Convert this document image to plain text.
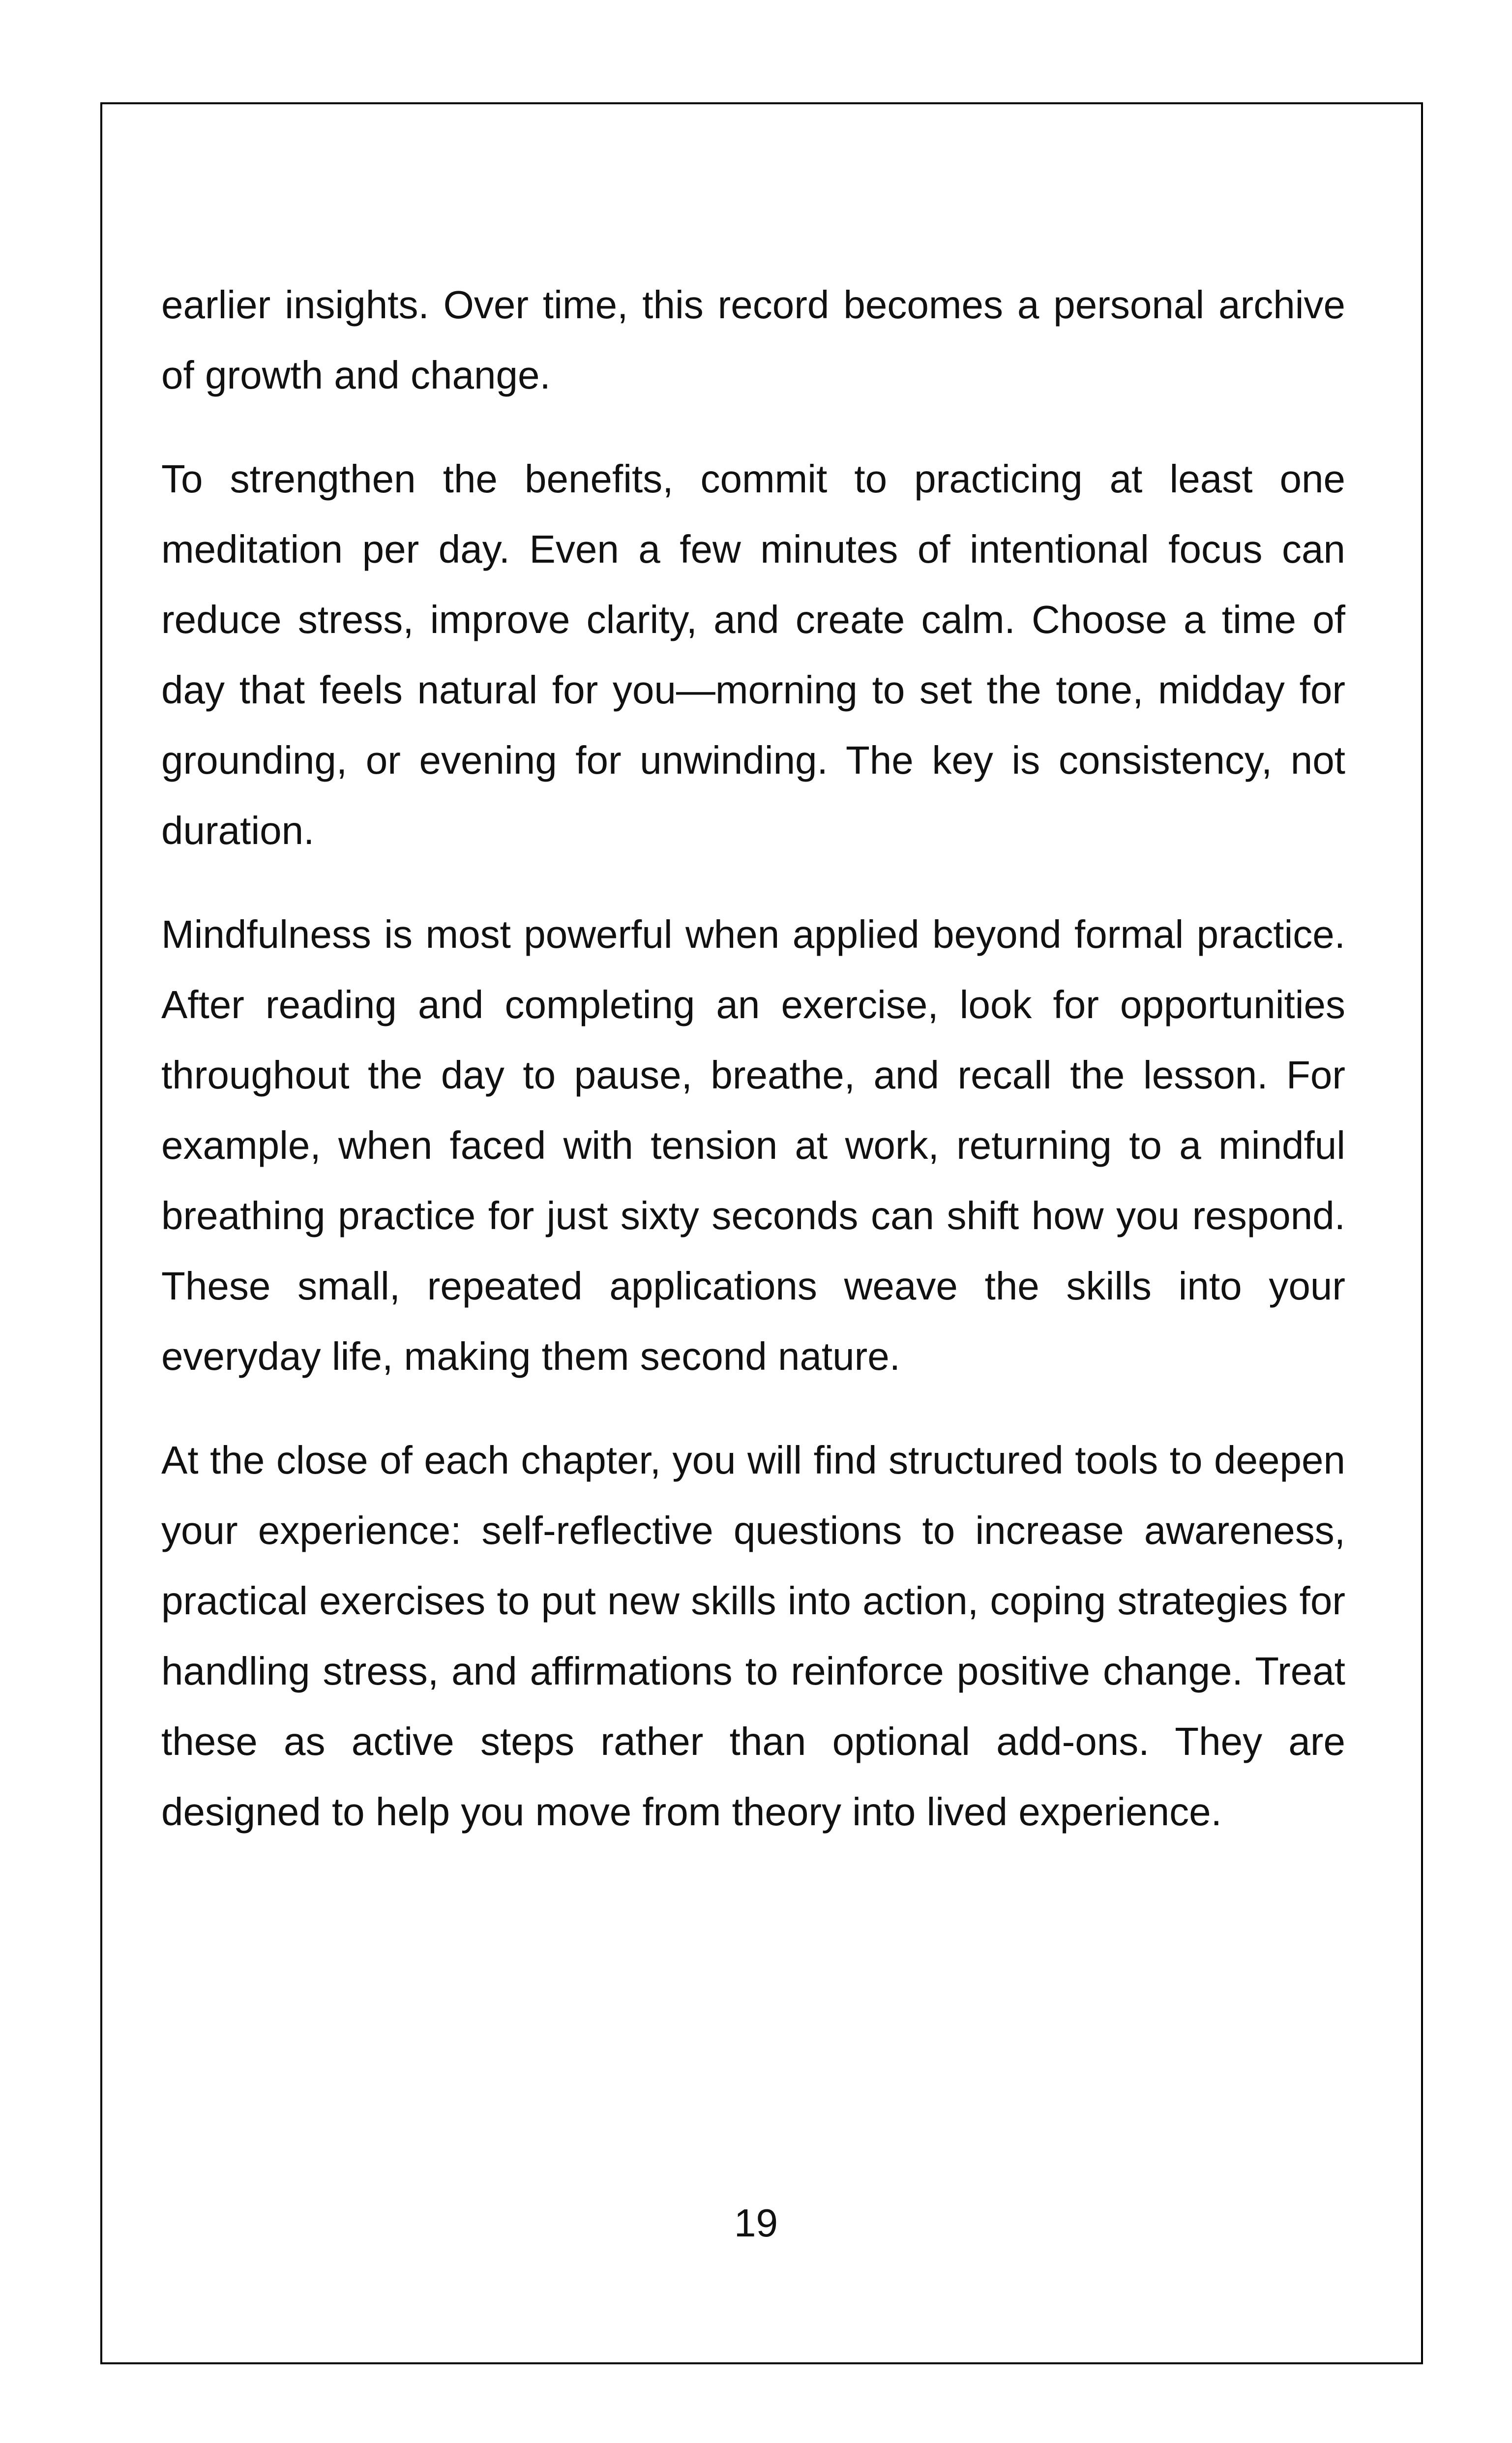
earlier insights. Over time, this record becomes a personal archive of growth and change.

To strengthen the benefits, commit to practicing at least one meditation per day. Even a few minutes of intentional focus can reduce stress, improve clarity, and create calm. Choose a time of day that feels natural for you—morning to set the tone, midday for grounding, or evening for unwinding. The key is consistency, not duration.

Mindfulness is most powerful when applied beyond formal practice. After reading and completing an exercise, look for opportunities throughout the day to pause, breathe, and recall the lesson. For example, when faced with tension at work, returning to a mindful breathing practice for just sixty seconds can shift how you respond. These small, repeated applications weave the skills into your everyday life, making them second nature.

At the close of each chapter, you will find structured tools to deepen your experience: self-reflective questions to increase awareness, practical exercises to put new skills into action, coping strategies for handling stress, and affirmations to reinforce positive change. Treat these as active steps rather than optional add-ons. They are designed to help you move from theory into lived experience.

19
